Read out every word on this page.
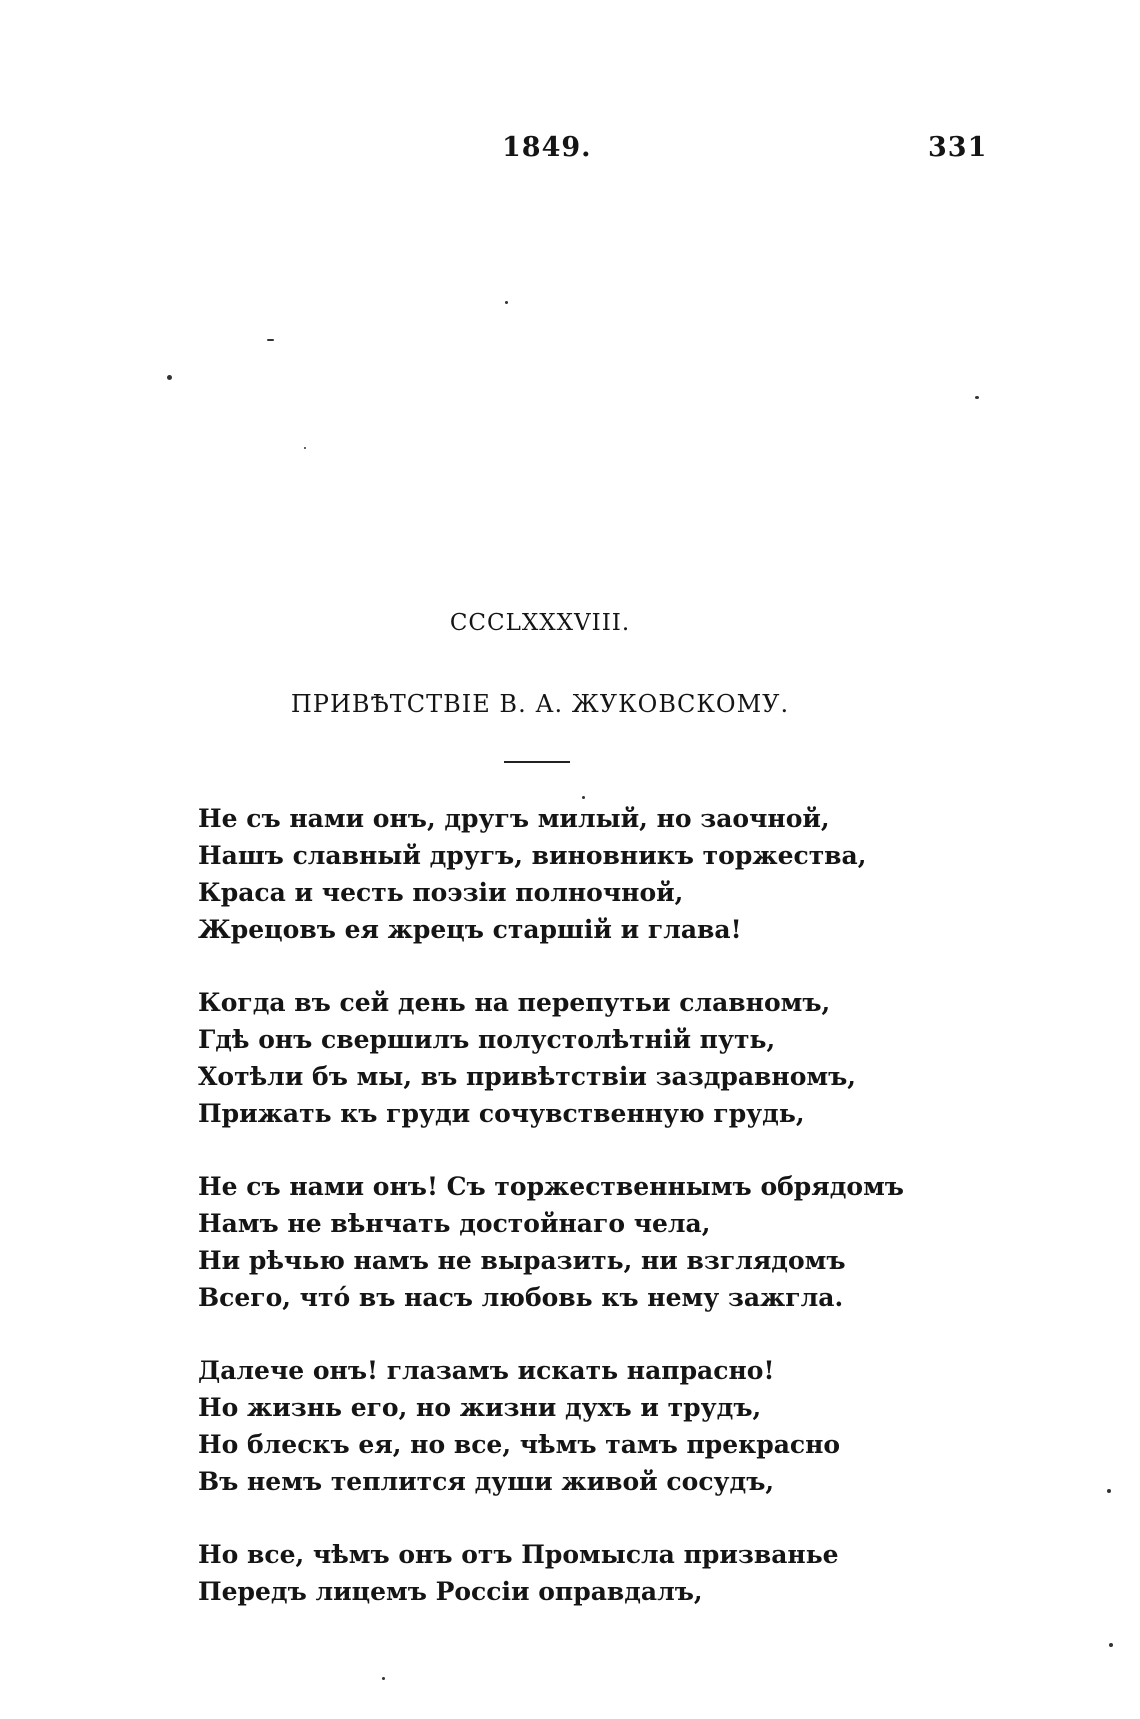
1849.	331
CCCLXXXVIII.
ПРИВѢТСТВІЕ В. А. ЖУКОВСКОМУ.
Не съ нами онъ, другъ милый, но заочной,
Нашъ славный другъ, виновникъ торжества,
Краса и честь поэзіи полночной,
Жрецовъ ея жрецъ старшій и глава!
Когда въ сей день на перепутьи славномъ,
Гдѣ онъ свершилъ полустолѣтній путь,
Хотѣли бъ мы, въ привѣтствіи заздравномъ,
Прижать къ груди сочувственную грудь,
Не съ нами онъ! Съ торжественнымъ обрядомъ
Намъ не вѣнчать достойнаго чела,
Ни рѣчью намъ не выразить, ни взглядомъ
Всего, чтó въ насъ любовь къ нему зажгла.
Далече онъ! глазамъ искать напрасно!
Но жизнь его, но жизни духъ и трудъ,
Но блескъ ея, но все, чѣмъ тамъ прекрасно
Въ немъ теплится души живой сосудъ,
Но все, чѣмъ онъ отъ Промысла призванье
Передъ лицемъ Россіи оправдалъ,
